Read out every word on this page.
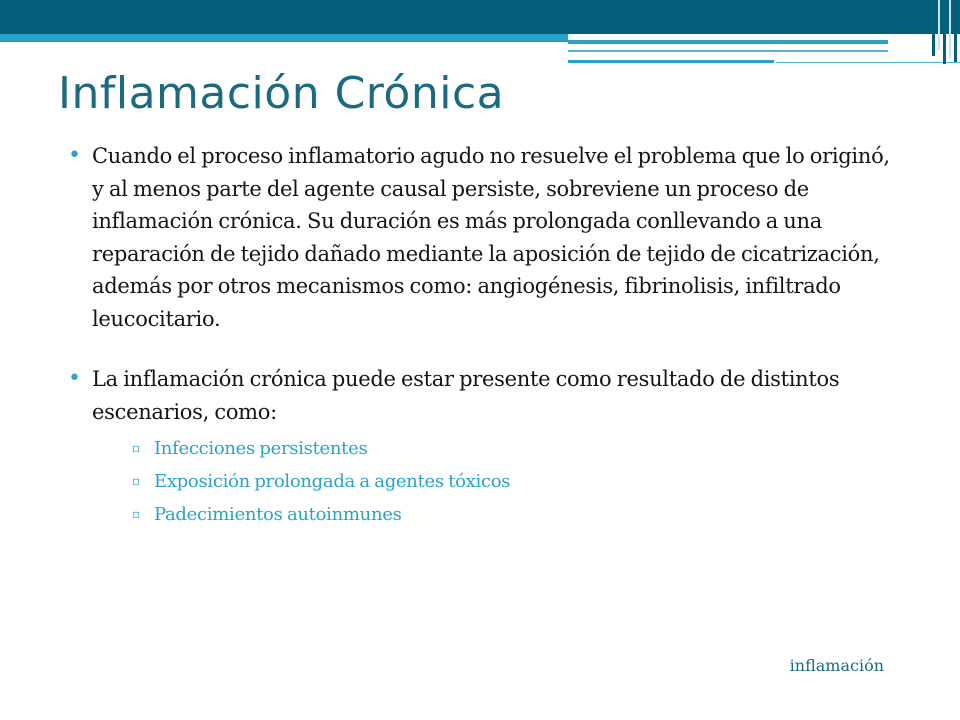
Inflamación Crónica
• Cuando el proceso inflamatorio agudo no resuelve el problema que lo originó, y al menos parte del agente causal persiste, sobreviene un proceso de inflamación crónica. Su duración es más prolongada conllevando a una reparación de tejido dañado mediante la aposición de tejido de cicatrización, además por otros mecanismos como: angiogénesis, fibrinolisis, infiltrado leucocitario.
• La inflamación crónica puede estar presente como resultado de distintos escenarios, como:
▫ Infecciones persistentes
▫ Exposición prolongada a agentes tóxicos
▫ Padecimientos autoinmunes
inflamación
